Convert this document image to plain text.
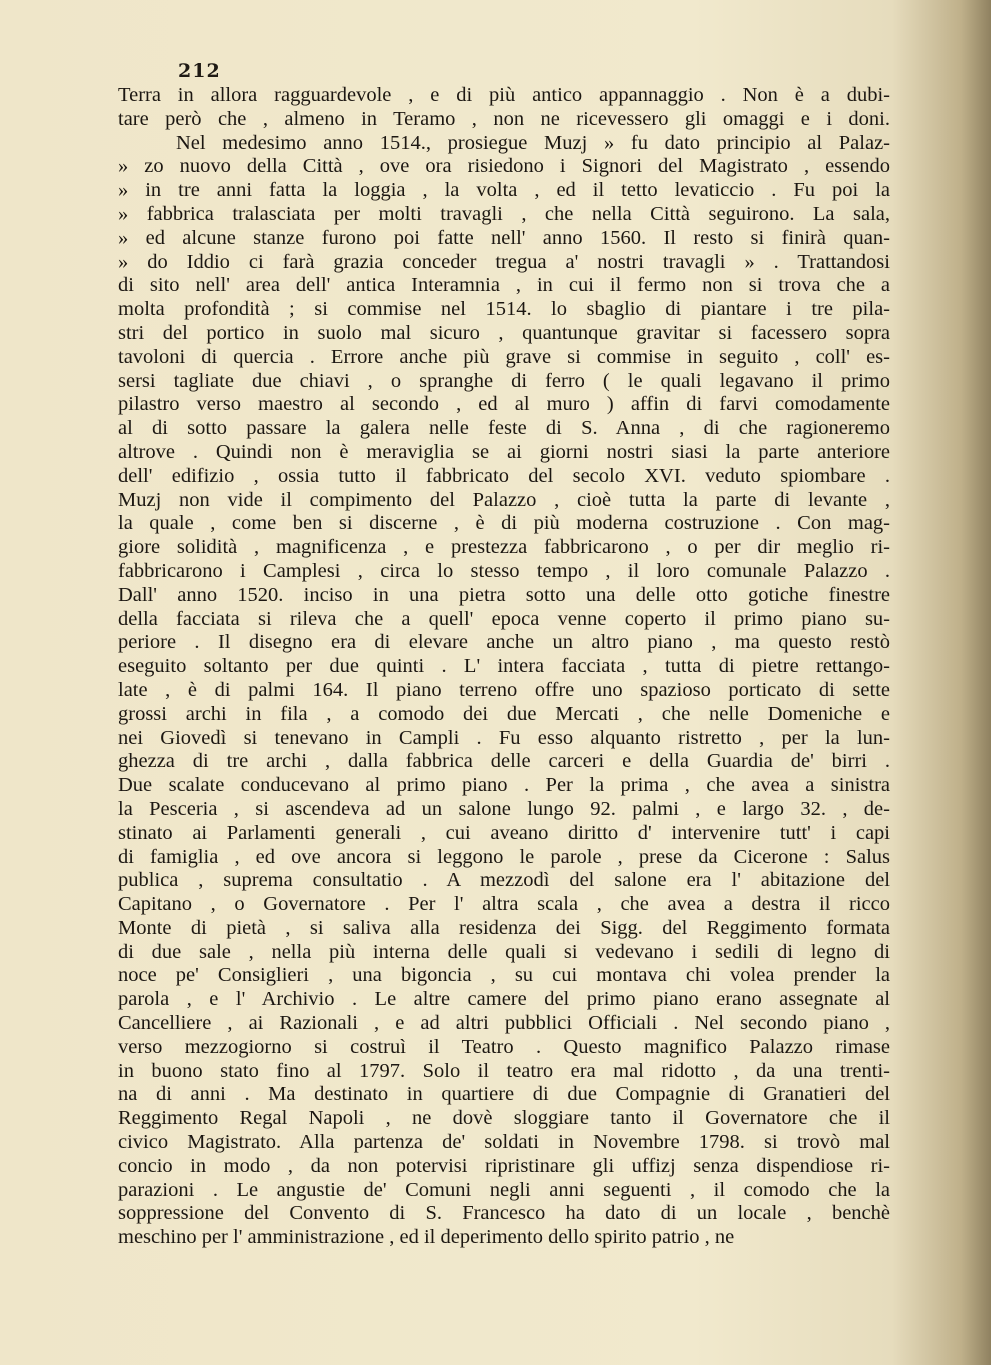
212
Terra in allora ragguardevole , e di più antico appannaggio . Non è a dubi-
tare però che , almeno in Teramo , non ne ricevessero gli omaggi e i doni.
Nel medesimo anno 1514., prosiegue Muzj » fu dato principio al Palaz-
» zo nuovo della Città , ove ora risiedono i Signori del Magistrato , essendo
» in tre anni fatta la loggia , la volta , ed il tetto levaticcio . Fu poi la
» fabbrica tralasciata per molti travagli , che nella Città seguirono. La sala,
» ed alcune stanze furono poi fatte nell' anno 1560. Il resto si finirà quan-
» do Iddio ci farà grazia conceder tregua a' nostri travagli » . Trattandosi
di sito nell' area dell' antica Interamnia , in cui il fermo non si trova che a
molta profondità ; si commise nel 1514. lo sbaglio di piantare i tre pila-
stri del portico in suolo mal sicuro , quantunque gravitar si facessero sopra
tavoloni di quercia . Errore anche più grave si commise in seguito , coll' es-
sersi tagliate due chiavi , o spranghe di ferro ( le quali legavano il primo
pilastro verso maestro al secondo , ed al muro ) affin di farvi comodamente
al di sotto passare la galera nelle feste di S. Anna , di che ragioneremo
altrove . Quindi non è meraviglia se ai giorni nostri siasi la parte anteriore
dell' edifizio , ossia tutto il fabbricato del secolo XVI. veduto spiombare .
Muzj non vide il compimento del Palazzo , cioè tutta la parte di levante ,
la quale , come ben si discerne , è di più moderna costruzione . Con mag-
giore solidità , magnificenza , e prestezza fabbricarono , o per dir meglio ri-
fabbricarono i Camplesi , circa lo stesso tempo , il loro comunale Palazzo .
Dall' anno 1520. inciso in una pietra sotto una delle otto gotiche finestre
della facciata si rileva che a quell' epoca venne coperto il primo piano su-
periore . Il disegno era di elevare anche un altro piano , ma questo restò
eseguito soltanto per due quinti . L' intera facciata , tutta di pietre rettango-
late , è di palmi 164. Il piano terreno offre uno spazioso porticato di sette
grossi archi in fila , a comodo dei due Mercati , che nelle Domeniche e
nei Giovedì si tenevano in Campli . Fu esso alquanto ristretto , per la lun-
ghezza di tre archi , dalla fabbrica delle carceri e della Guardia de' birri .
Due scalate conducevano al primo piano . Per la prima , che avea a sinistra
la Pesceria , si ascendeva ad un salone lungo 92. palmi , e largo 32. , de-
stinato ai Parlamenti generali , cui aveano diritto d' intervenire tutt' i capi
di famiglia , ed ove ancora si leggono le parole , prese da Cicerone : Salus
publica , suprema consultatio . A mezzodì del salone era l' abitazione del
Capitano , o Governatore . Per l' altra scala , che avea a destra il ricco
Monte di pietà , si saliva alla residenza dei Sigg. del Reggimento formata
di due sale , nella più interna delle quali si vedevano i sedili di legno di
noce pe' Consiglieri , una bigoncia , su cui montava chi volea prender la
parola , e l' Archivio . Le altre camere del primo piano erano assegnate al
Cancelliere , ai Razionali , e ad altri pubblici Officiali . Nel secondo piano ,
verso mezzogiorno si costruì il Teatro . Questo magnifico Palazzo rimase
in buono stato fino al 1797. Solo il teatro era mal ridotto , da una trenti-
na di anni . Ma destinato in quartiere di due Compagnie di Granatieri del
Reggimento Regal Napoli , ne dovè sloggiare tanto il Governatore che il
civico Magistrato. Alla partenza de' soldati in Novembre 1798. si trovò mal
concio in modo , da non potervisi ripristinare gli uffizj senza dispendiose ri-
parazioni . Le angustie de' Comuni negli anni seguenti , il comodo che la
soppressione del Convento di S. Francesco ha dato di un locale , benchè
meschino per l' amministrazione , ed il deperimento dello spirito patrio , ne
